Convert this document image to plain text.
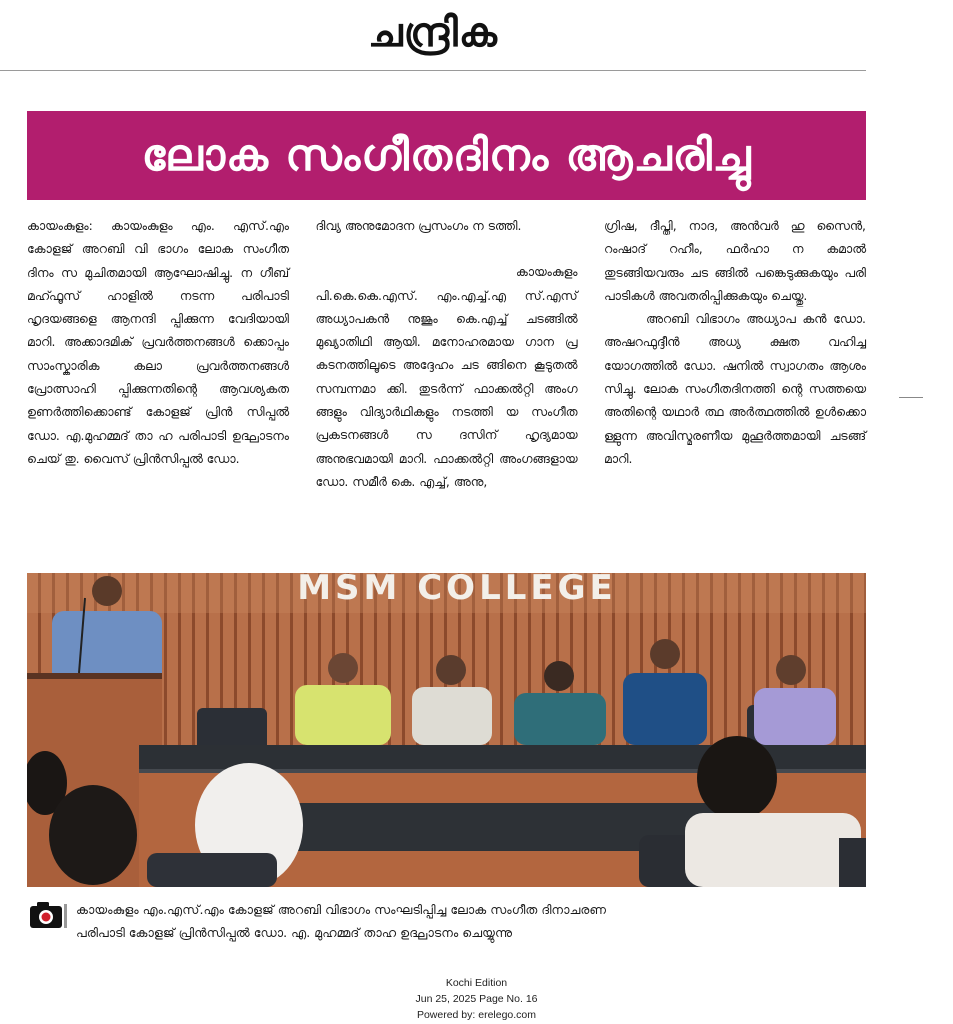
ചന്ദ്രിക
ലോക സംഗീതദിനം ആചരിച്ചു

കായംകുളം: കായംകുളം എം. എസ്.എം കോളജ് അറബി വി ഭാഗം ലോക സംഗീത ദിനം സ മുചിതമായി ആഘോഷിച്ചു. ന ഗീബ് മഹ്ഫൂസ് ഹാളിൽ നടന്ന പരിപാടി ഹൃദയങ്ങളെ ആനന്ദി പ്പിക്കുന്ന വേദിയായി മാറി. അക്കാദമിക് പ്രവർത്തനങ്ങൾ ക്കൊപ്പം സാംസ്കാരിക കലാ പ്രവർത്തനങ്ങൾ പ്രോത്സാഹി പ്പിക്കുന്നതിന്റെ ആവശ്യകത ഉണർത്തിക്കൊണ്ട് കോളജ് പ്രിൻ സിപ്പൽ ഡോ. എ.മുഹമ്മദ് താ ഹ പരിപാടി ഉദ്ഘാടനം ചെയ് തു. വൈസ് പ്രിൻസിപ്പൽ ഡോ.

ദിവ്യ അനുമോദന പ്രസംഗം ന ടത്തി.

കായംകുളം

പി.കെ.കെ.എസ്. എം.എച്ച്.എ സ്.എസ് അധ്യാപകൻ നുജൂം കെ.എച്ച് ചടങ്ങിൽ മുഖ്യാതിഥി ആയി. മനോഹരമായ ഗാന പ്ര കടനത്തിലൂടെ അദ്ദേഹം ചട ങ്ങിനെ കൂടുതൽ സമ്പന്നമാ ക്കി. തുടർന്ന് ഫാക്കൽറ്റി അംഗ ങ്ങളും വിദ്യാർഥികളും നടത്തി യ സംഗീത പ്രകടനങ്ങൾ സ ദസിന് ഹൃദ്യമായ അനുഭവമായി മാറി. ഫാക്കൽറ്റി അംഗങ്ങളായ ഡോ. സമീർ കെ. എച്ച്, അനു,

ഗ്രിഷ, ദീപ്തി, നാദ, അൻവർ ഹു സൈൻ, റംഷാദ് റഹീം, ഫർഹാ ന കമാൽ തുടങ്ങിയവരും ചട ങ്ങിൽ പങ്കെടുക്കുകയും പരി പാടികൾ അവതരിപ്പിക്കുകയും ചെയ്തു.

അറബി വിഭാഗം അധ്യാപ കൻ ഡോ. അഷറഫുദ്ദീൻ അധ്യ ക്ഷത വഹിച്ച യോഗത്തിൽ ഡോ. ഷനിൽ സ്വാഗതം ആശം സിച്ചു. ലോക സംഗീതദിനത്തി ന്റെ സത്തയെ അതിന്റെ യഥാർ ത്ഥ അർത്ഥത്തിൽ ഉൾക്കൊ ള്ളുന്ന അവിസ്മരണീയ മുഹൂർത്തമായി ചടങ്ങ് മാറി.

MSM COLLEGE
കായംകുളം എം.എസ്.എം കോളജ് അറബി വിഭാഗം സംഘടിപ്പിച്ച ലോക സംഗീത ദിനാചരണ
പരിപാടി കോളജ് പ്രിൻസിപ്പൽ ഡോ. എ. മുഹമ്മദ് താഹ ഉദ്ഘാടനം ചെയ്യുന്നു
Kochi Edition
Jun 25, 2025 Page No. 16
Powered by: erelego.com
